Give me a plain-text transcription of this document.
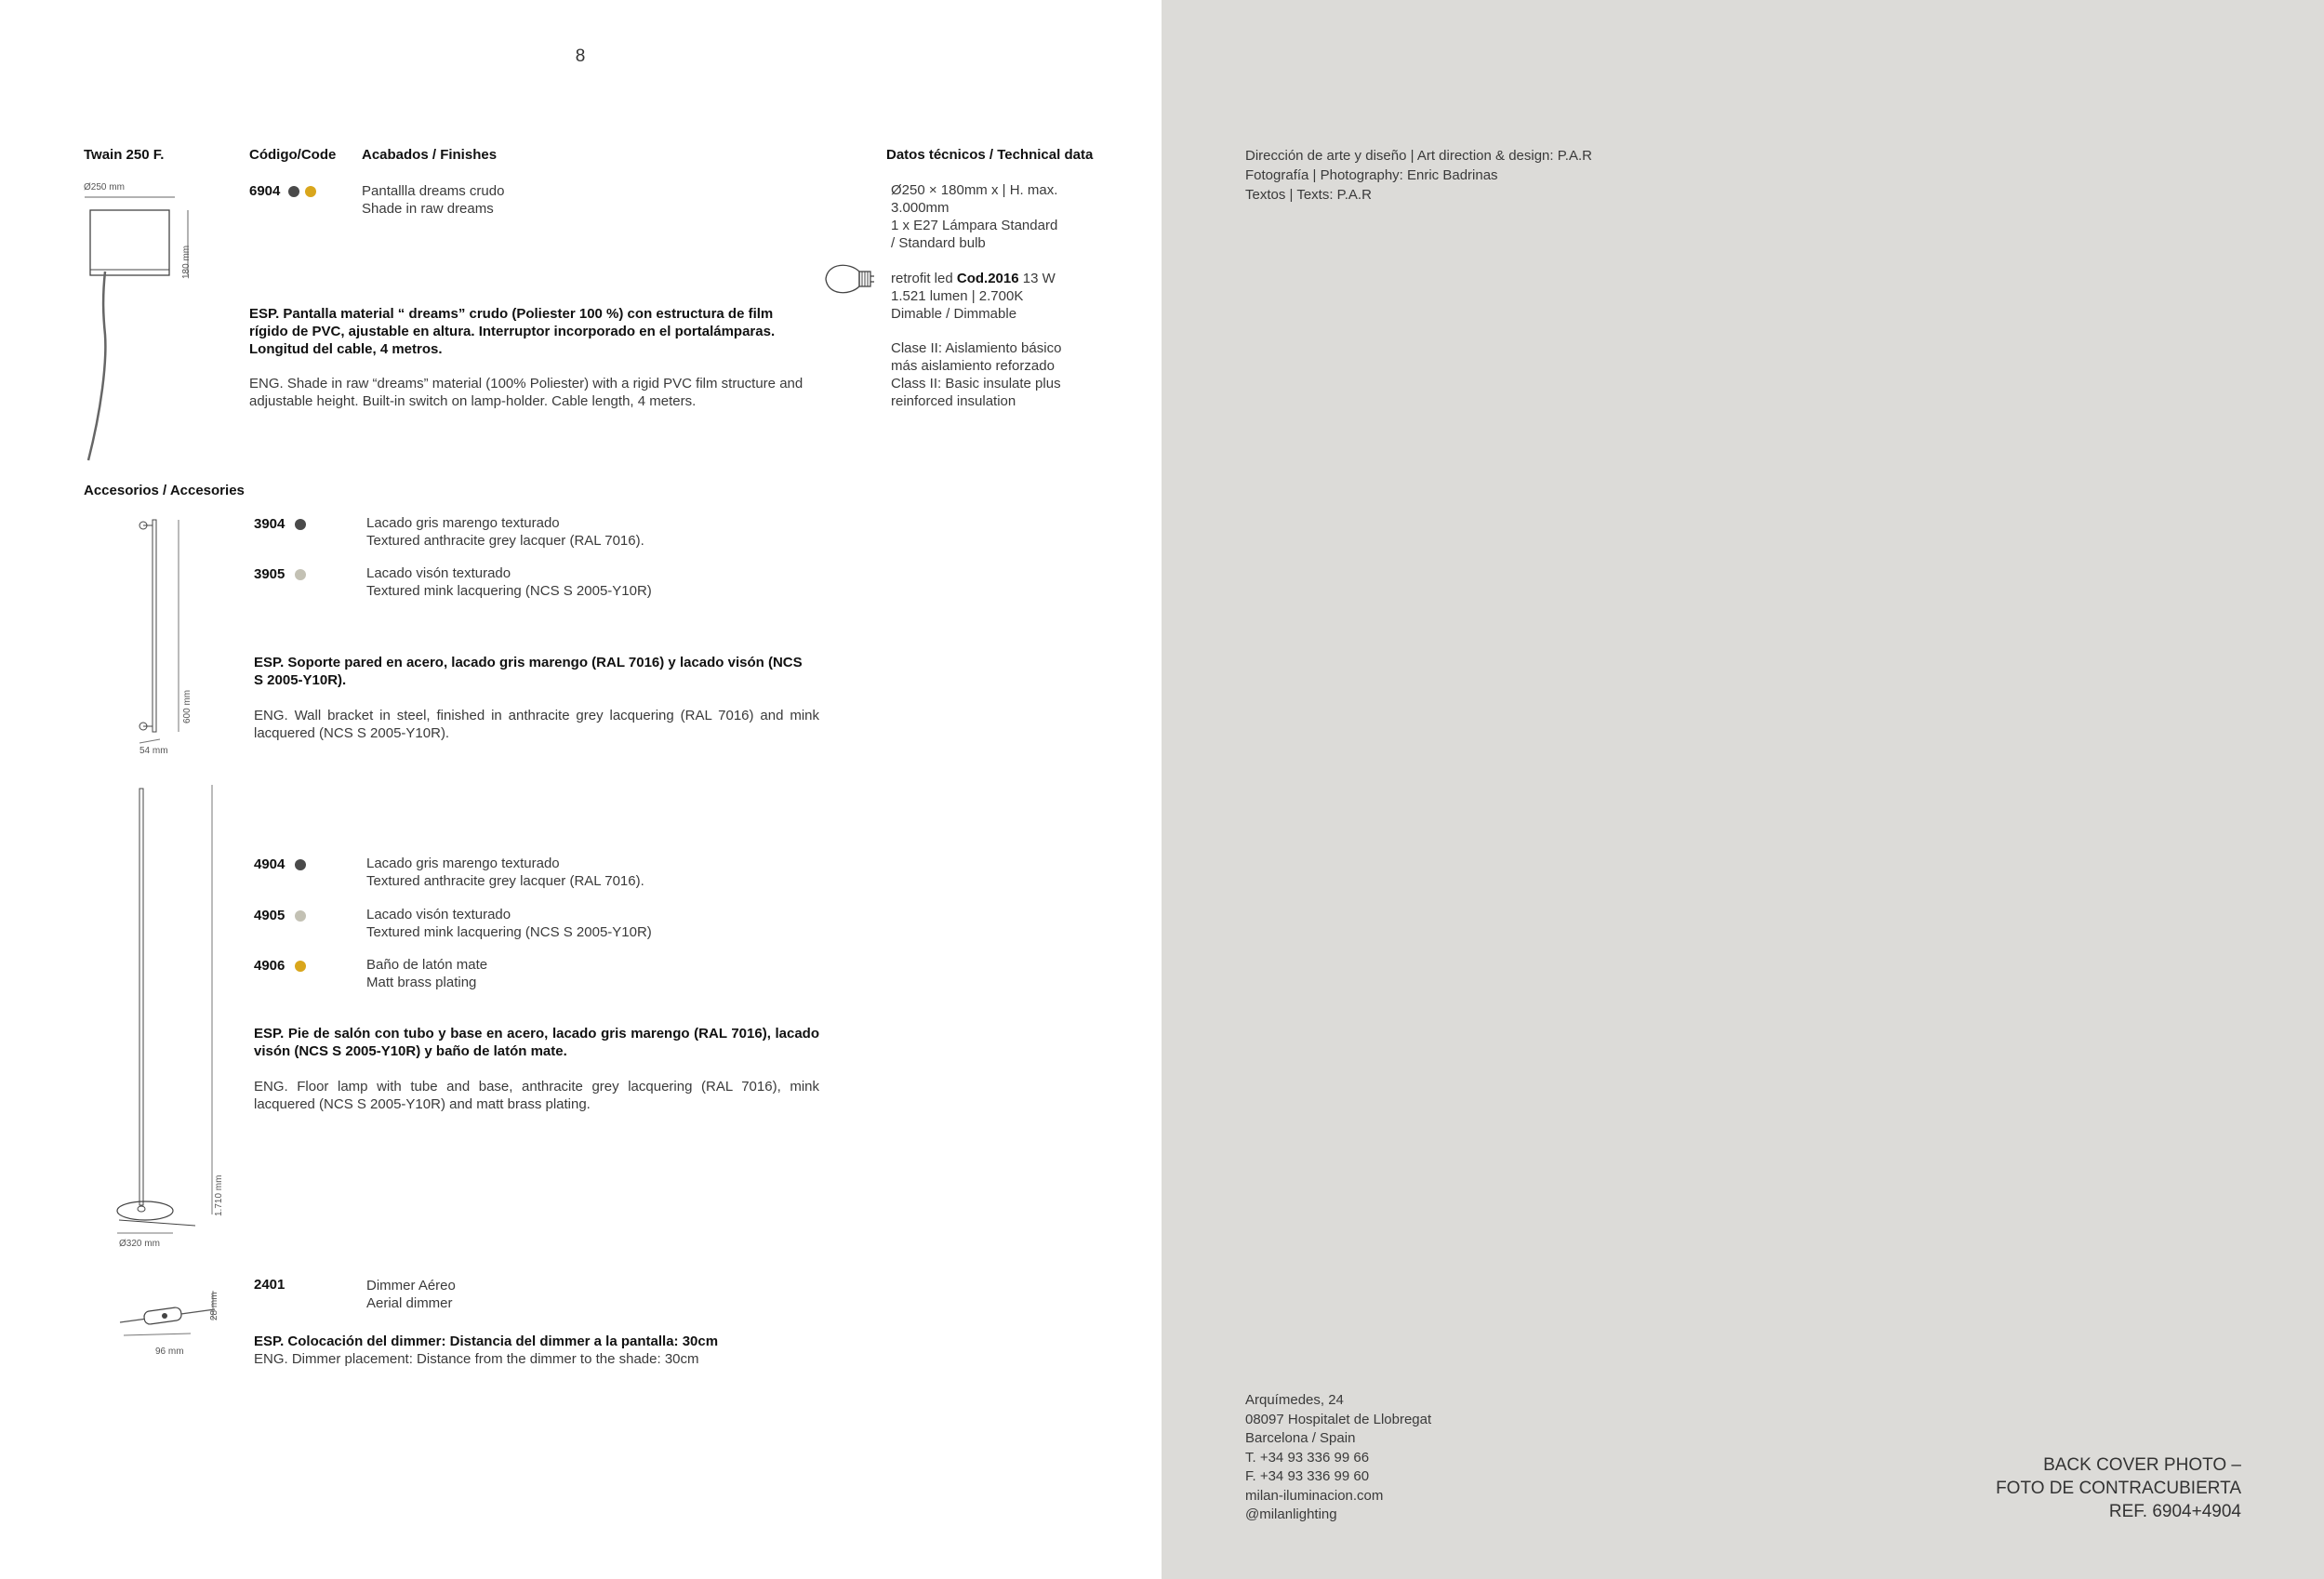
8
Twain 250 F.	Código/Code Acabados / Finishes	Datos técnicos / Technical data
Ø250 mm
180 mm
6904	Pantallla dreams crudo
Shade in raw dreams
ESP. Pantalla material “ dreams” crudo (Poliester 100 %) con estructura de film rígido de PVC, ajustable en altura. Interruptor incorporado en el portalámparas. Longitud del cable, 4 metros.
ENG. Shade in raw “dreams” material (100% Poliester) with a rigid PVC film structure and adjustable height. Built-in switch on lamp-holder. Cable length, 4 meters.
Ø250 × 180mm x | H. max.
3.000mm
1 x E27 Lámpara Standard
/ Standard bulb
retrofit led Cod.2016 13 W
1.521 lumen | 2.700K
Dimable / Dimmable
Clase II: Aislamiento básico
más aislamiento reforzado
Class II: Basic insulate plus
reinforced insulation
Accesorios / Accesories
600 mm
54 mm
3904	Lacado gris marengo texturado
Textured anthracite grey lacquer (RAL 7016).
3905	Lacado visón texturado
Textured mink lacquering (NCS S 2005-Y10R)
ESP. Soporte pared en acero, lacado gris marengo (RAL 7016) y lacado visón (NCS S 2005-Y10R).
ENG. Wall bracket in steel, finished in anthracite grey lacquering (RAL 7016) and mink lacquered (NCS S 2005-Y10R).
1.710 mm
Ø320 mm
4904	Lacado gris marengo texturado
Textured anthracite grey lacquer (RAL 7016).
4905	Lacado visón texturado
Textured mink lacquering (NCS S 2005-Y10R)
4906	Baño de latón mate
Matt brass plating
ESP. Pie de salón con tubo y base en acero, lacado gris marengo (RAL 7016), lacado visón (NCS S 2005-Y10R) y baño de latón mate.
ENG. Floor lamp with tube and base, anthracite grey lacquering (RAL 7016), mink lacquered (NCS S 2005-Y10R) and matt brass plating.
28 mm
96 mm
2401	Dimmer Aéreo
Aerial dimmer
ESP. Colocación del dimmer: Distancia del dimmer a la pantalla: 30cm
ENG. Dimmer placement: Distance from the dimmer to the shade: 30cm
Dirección de arte y diseño | Art direction & design: P.A.R
Fotografía | Photography: Enric Badrinas
Textos | Texts: P.A.R
Arquímedes, 24
08097 Hospitalet de Llobregat
Barcelona / Spain
T. +34 93 336 99 66
F. +34 93 336 99 60
milan-iluminacion.com
@milanlighting
BACK COVER PHOTO –
FOTO DE CONTRACUBIERTA
REF. 6904+4904
